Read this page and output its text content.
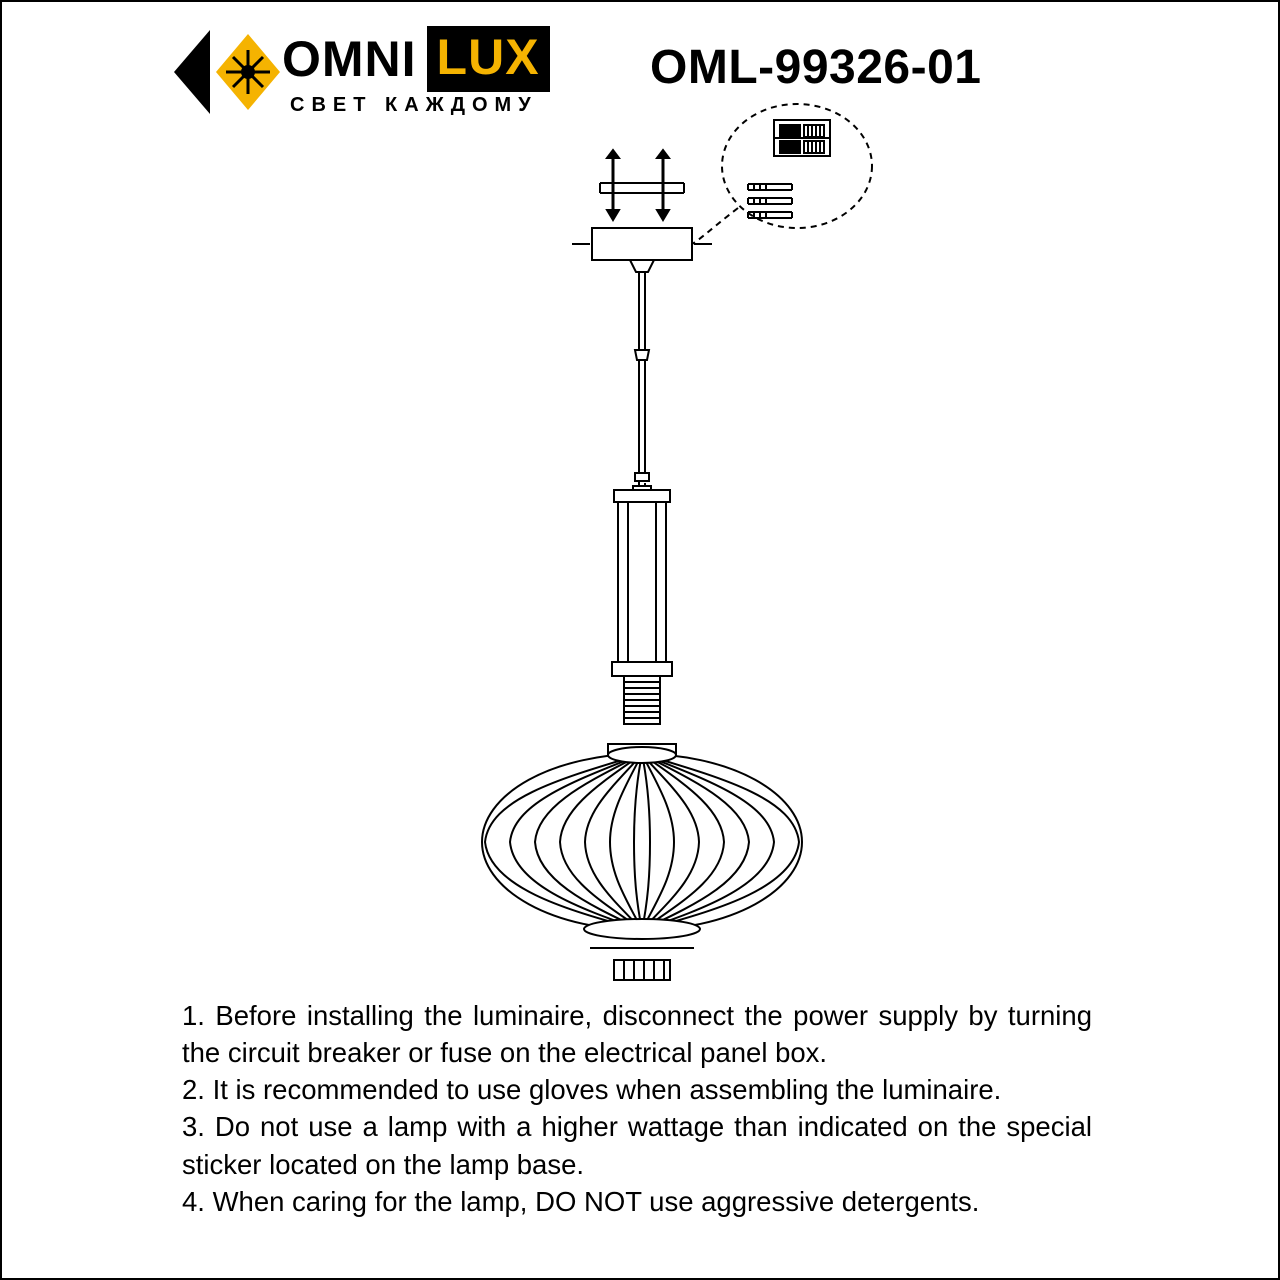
OMNI LUX
СВЕТ КАЖДОМУ
OML-99326-01

1. Before installing the luminaire, disconnect the power supply by turning the circuit breaker or fuse on the electrical panel box.

2. It is recommended to use gloves when assembling the luminaire.

3. Do not use a lamp with a higher wattage than indicated on the special sticker located on the lamp base.

4. When caring for the lamp, DO NOT use aggressive detergents.
